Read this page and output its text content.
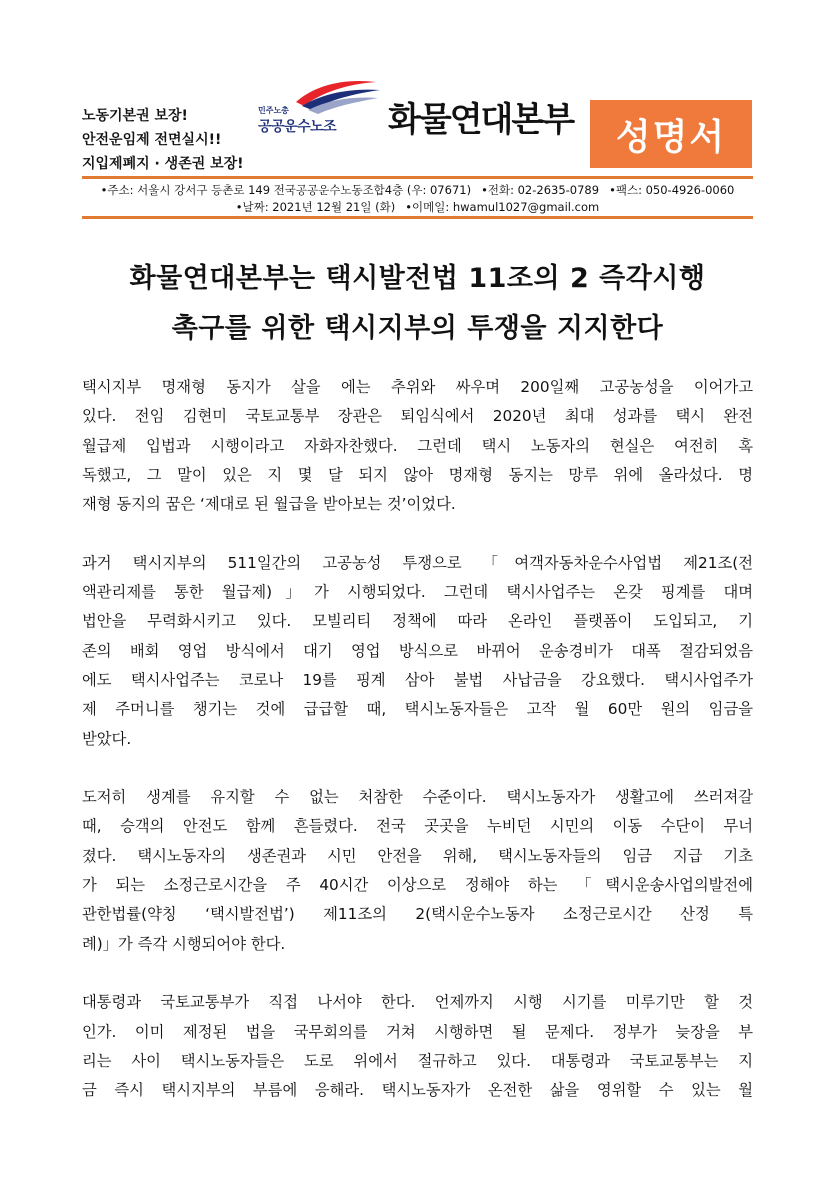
노동기본권 보장!
안전운임제 전면실시!!
지입제폐지 · 생존권 보장!
민주노총
공공운수노조 화물연대본부 성명서
•주소: 서울시 강서구 등촌로 149 전국공공운수노동조합4층 (우: 07671) •전화: 02-2635-0789 •팩스: 050-4926-0060
•날짜: 2021년 12월 21일 (화) •이메일: hwamul1027@gmail.com
화물연대본부는 택시발전법 11조의 2 즉각시행
촉구를 위한 택시지부의 투쟁을 지지한다
택시지부 명재형 동지가 살을 에는 추위와 싸우며 200일째 고공농성을 이어가고
있다. 전임 김현미 국토교통부 장관은 퇴임식에서 2020년 최대 성과를 택시 완전
월급제 입법과 시행이라고 자화자찬했다. 그런데 택시 노동자의 현실은 여전히 혹
독했고, 그 말이 있은 지 몇 달 되지 않아 명재형 동지는 망루 위에 올라섰다. 명
재형 동지의 꿈은 ‘제대로 된 월급을 받아보는 것’이었다.
과거 택시지부의 511일간의 고공농성 투쟁으로 「여객자동차운수사업법 제21조(전
액관리제를 통한 월급제)」가 시행되었다. 그런데 택시사업주는 온갖 핑계를 대며
법안을 무력화시키고 있다. 모빌리티 정책에 따라 온라인 플랫폼이 도입되고, 기
존의 배회 영업 방식에서 대기 영업 방식으로 바뀌어 운송경비가 대폭 절감되었음
에도 택시사업주는 코로나 19를 핑계 삼아 불법 사납금을 강요했다. 택시사업주가
제 주머니를 챙기는 것에 급급할 때, 택시노동자들은 고작 월 60만 원의 임금을
받았다.
도저히 생계를 유지할 수 없는 처참한 수준이다. 택시노동자가 생활고에 쓰러져갈
때, 승객의 안전도 함께 흔들렸다. 전국 곳곳을 누비던 시민의 이동 수단이 무너
졌다. 택시노동자의 생존권과 시민 안전을 위해, 택시노동자들의 임금 지급 기초
가 되는 소정근로시간을 주 40시간 이상으로 정해야 하는 「택시운송사업의발전에
관한법률(약칭 ‘택시발전법’) 제11조의 2(택시운수노동자 소정근로시간 산정 특
례)」가 즉각 시행되어야 한다.
대통령과 국토교통부가 직접 나서야 한다. 언제까지 시행 시기를 미루기만 할 것
인가. 이미 제정된 법을 국무회의를 거쳐 시행하면 될 문제다. 정부가 늦장을 부
리는 사이 택시노동자들은 도로 위에서 절규하고 있다. 대통령과 국토교통부는 지
금 즉시 택시지부의 부름에 응해라. 택시노동자가 온전한 삶을 영위할 수 있는 월
